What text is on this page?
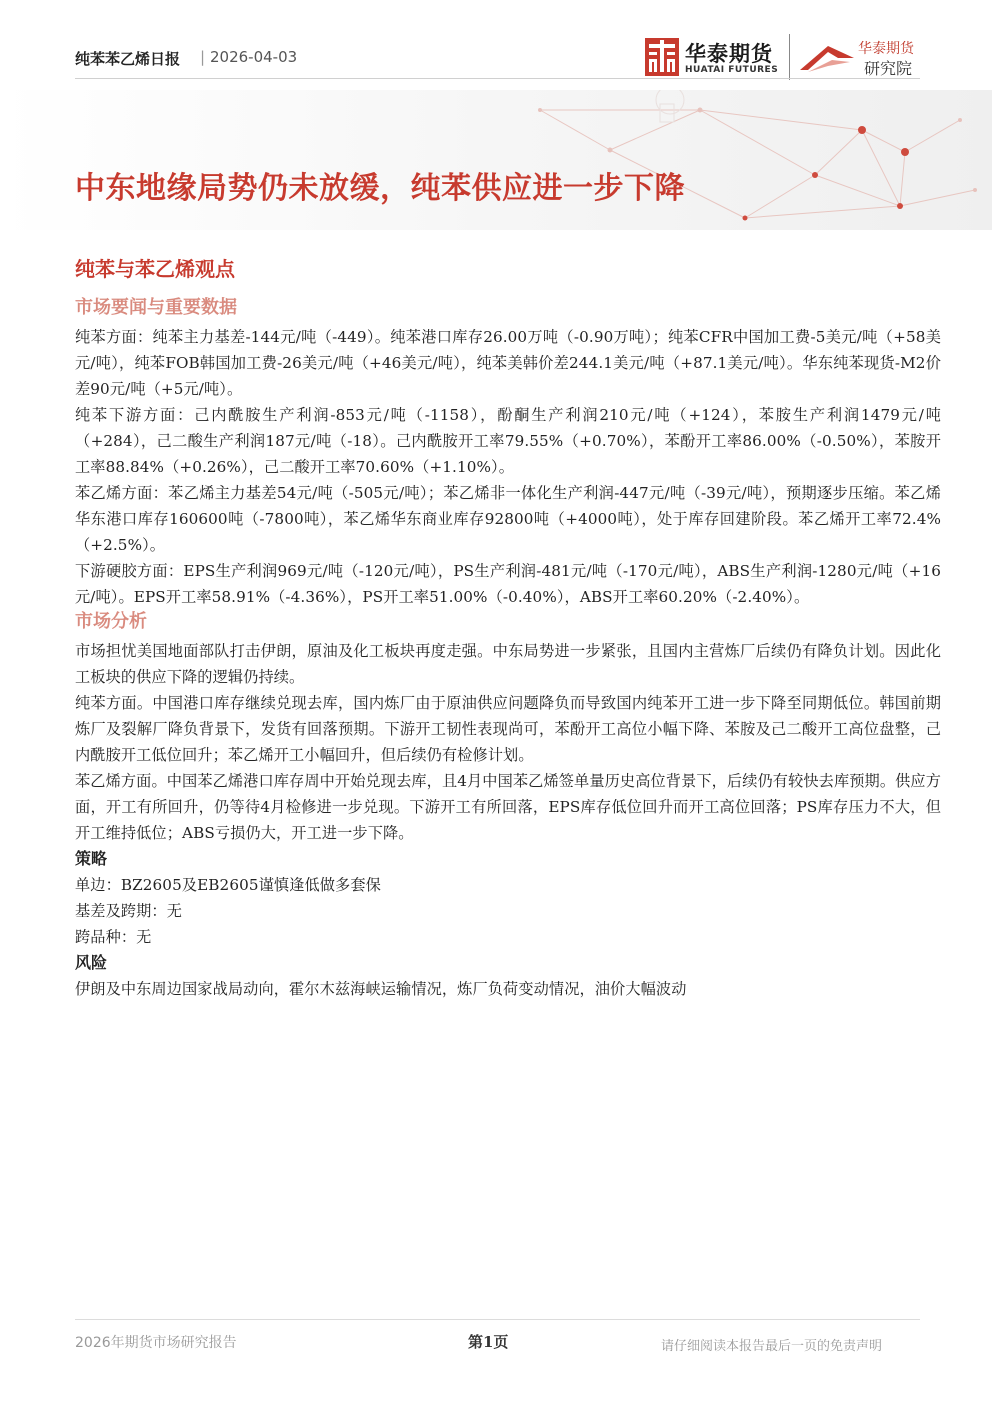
纯苯苯乙烯日报 | 2026-04-03	华泰期货
HUATAI FUTURES
华泰期货
研究院
中东地缘局势仍未放缓，纯苯供应进一步下降
纯苯与苯乙烯观点
市场要闻与重要数据

纯苯方面：纯苯主力基差-144元/吨（-449）。纯苯港口库存26.00万吨（-0.90万吨）；纯苯CFR中国加工费-5美元/吨（+58美元/吨），纯苯FOB韩国加工费-26美元/吨（+46美元/吨），纯苯美韩价差244.1美元/吨（+87.1美元/吨）。华东纯苯现货-M2价差90元/吨（+5元/吨）。

纯苯下游方面：己内酰胺生产利润-853元/吨（-1158），酚酮生产利润210元/吨（+124），苯胺生产利润1479元/吨（+284），己二酸生产利润187元/吨（-18）。己内酰胺开工率79.55%（+0.70%），苯酚开工率86.00%（-0.50%），苯胺开工率88.84%（+0.26%），己二酸开工率70.60%（+1.10%）。

苯乙烯方面：苯乙烯主力基差54元/吨（-505元/吨）；苯乙烯非一体化生产利润-447元/吨（-39元/吨），预期逐步压缩。苯乙烯华东港口库存160600吨（-7800吨），苯乙烯华东商业库存92800吨（+4000吨），处于库存回建阶段。苯乙烯开工率72.4%（+2.5%）。

下游硬胶方面：EPS生产利润969元/吨（-120元/吨），PS生产利润-481元/吨（-170元/吨），ABS生产利润-1280元/吨（+16元/吨）。EPS开工率58.91%（-4.36%），PS开工率51.00%（-0.40%），ABS开工率60.20%（-2.40%）。

市场分析

市场担忧美国地面部队打击伊朗，原油及化工板块再度走强。中东局势进一步紧张，且国内主营炼厂后续仍有降负计划。因此化工板块的供应下降的逻辑仍持续。

纯苯方面。中国港口库存继续兑现去库，国内炼厂由于原油供应问题降负而导致国内纯苯开工进一步下降至同期低位。韩国前期炼厂及裂解厂降负背景下，发货有回落预期。下游开工韧性表现尚可，苯酚开工高位小幅下降、苯胺及己二酸开工高位盘整，己内酰胺开工低位回升；苯乙烯开工小幅回升，但后续仍有检修计划。

苯乙烯方面。中国苯乙烯港口库存周中开始兑现去库，且4月中国苯乙烯签单量历史高位背景下，后续仍有较快去库预期。供应方面，开工有所回升，仍等待4月检修进一步兑现。下游开工有所回落，EPS库存低位回升而开工高位回落；PS库存压力不大，但开工维持低位；ABS亏损仍大，开工进一步下降。

策略

单边：BZ2605及EB2605谨慎逢低做多套保

基差及跨期：无

跨品种：无

风险

伊朗及中东周边国家战局动向，霍尔木兹海峡运输情况，炼厂负荷变动情况，油价大幅波动

2026年期货市场研究报告	第1页	请仔细阅读本报告最后一页的免责声明
